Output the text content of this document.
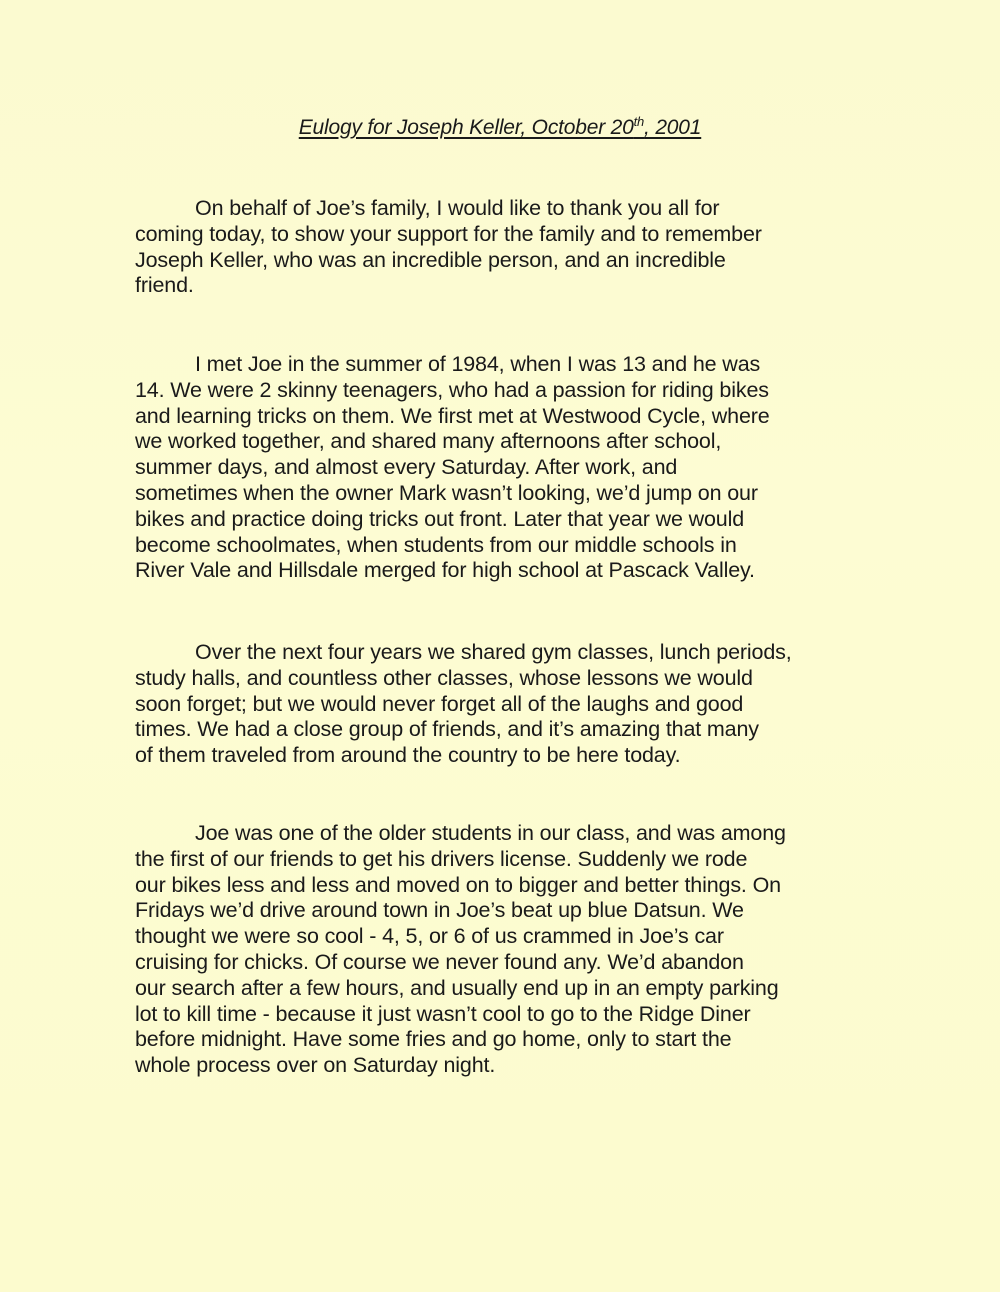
Eulogy for Joseph Keller, October 20th, 2001
On behalf of Joe’s family, I would like to thank you all for
coming today, to show your support for the family and to remember
Joseph Keller, who was an incredible person, and an incredible
friend.
I met Joe in the summer of 1984, when I was 13 and he was
14. We were 2 skinny teenagers, who had a passion for riding bikes
and learning tricks on them. We first met at Westwood Cycle, where
we worked together, and shared many afternoons after school,
summer days, and almost every Saturday. After work, and
sometimes when the owner Mark wasn’t looking, we’d jump on our
bikes and practice doing tricks out front. Later that year we would
become schoolmates, when students from our middle schools in
River Vale and Hillsdale merged for high school at Pascack Valley.
Over the next four years we shared gym classes, lunch periods,
study halls, and countless other classes, whose lessons we would
soon forget; but we would never forget all of the laughs and good
times. We had a close group of friends, and it’s amazing that many
of them traveled from around the country to be here today.
Joe was one of the older students in our class, and was among
the first of our friends to get his drivers license. Suddenly we rode
our bikes less and less and moved on to bigger and better things. On
Fridays we’d drive around town in Joe’s beat up blue Datsun. We
thought we were so cool - 4, 5, or 6 of us crammed in Joe’s car
cruising for chicks. Of course we never found any. We’d abandon
our search after a few hours, and usually end up in an empty parking
lot to kill time - because it just wasn’t cool to go to the Ridge Diner
before midnight. Have some fries and go home, only to start the
whole process over on Saturday night.
